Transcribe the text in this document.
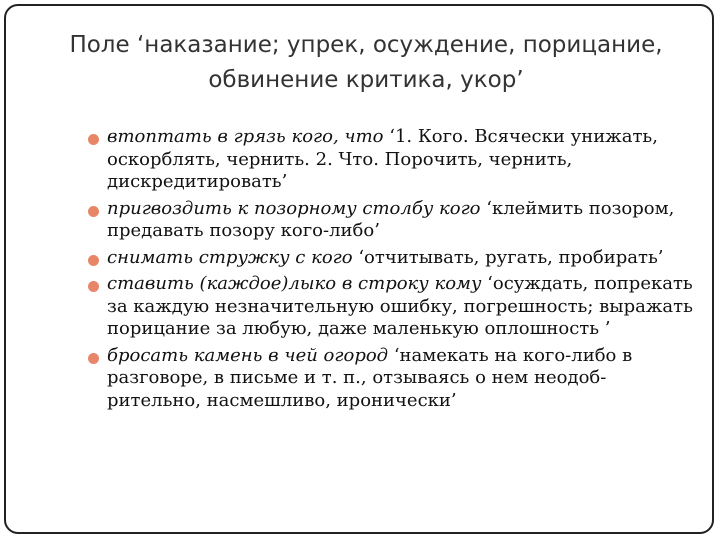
Поле ‘наказание; упрек, осуждение, порицание,
обвинение критика, укор’
втоптать в грязь кого, что ‘1. Кого. Всячески унижать, оскорблять, чернить. 2. Что. Порочить, чернить, дискредитировать’
пригвоздить к позорному столбу кого ‘клеймить позором, предавать позору кого-либо’
снимать стружку с кого ‘отчитывать, ругать, пробирать’
ставить (каждое)лыко в строку кому ‘осуждать, попрекать за каждую незначительную ошибку, погрешность; выражать порицание за любую, даже маленькую оплошность ’
бросать камень в чей огород ‘намекать на кого-либо в разговоре, в письме и т. п., отзываясь о нем неодоб-рительно, насмешливо, иронически’
